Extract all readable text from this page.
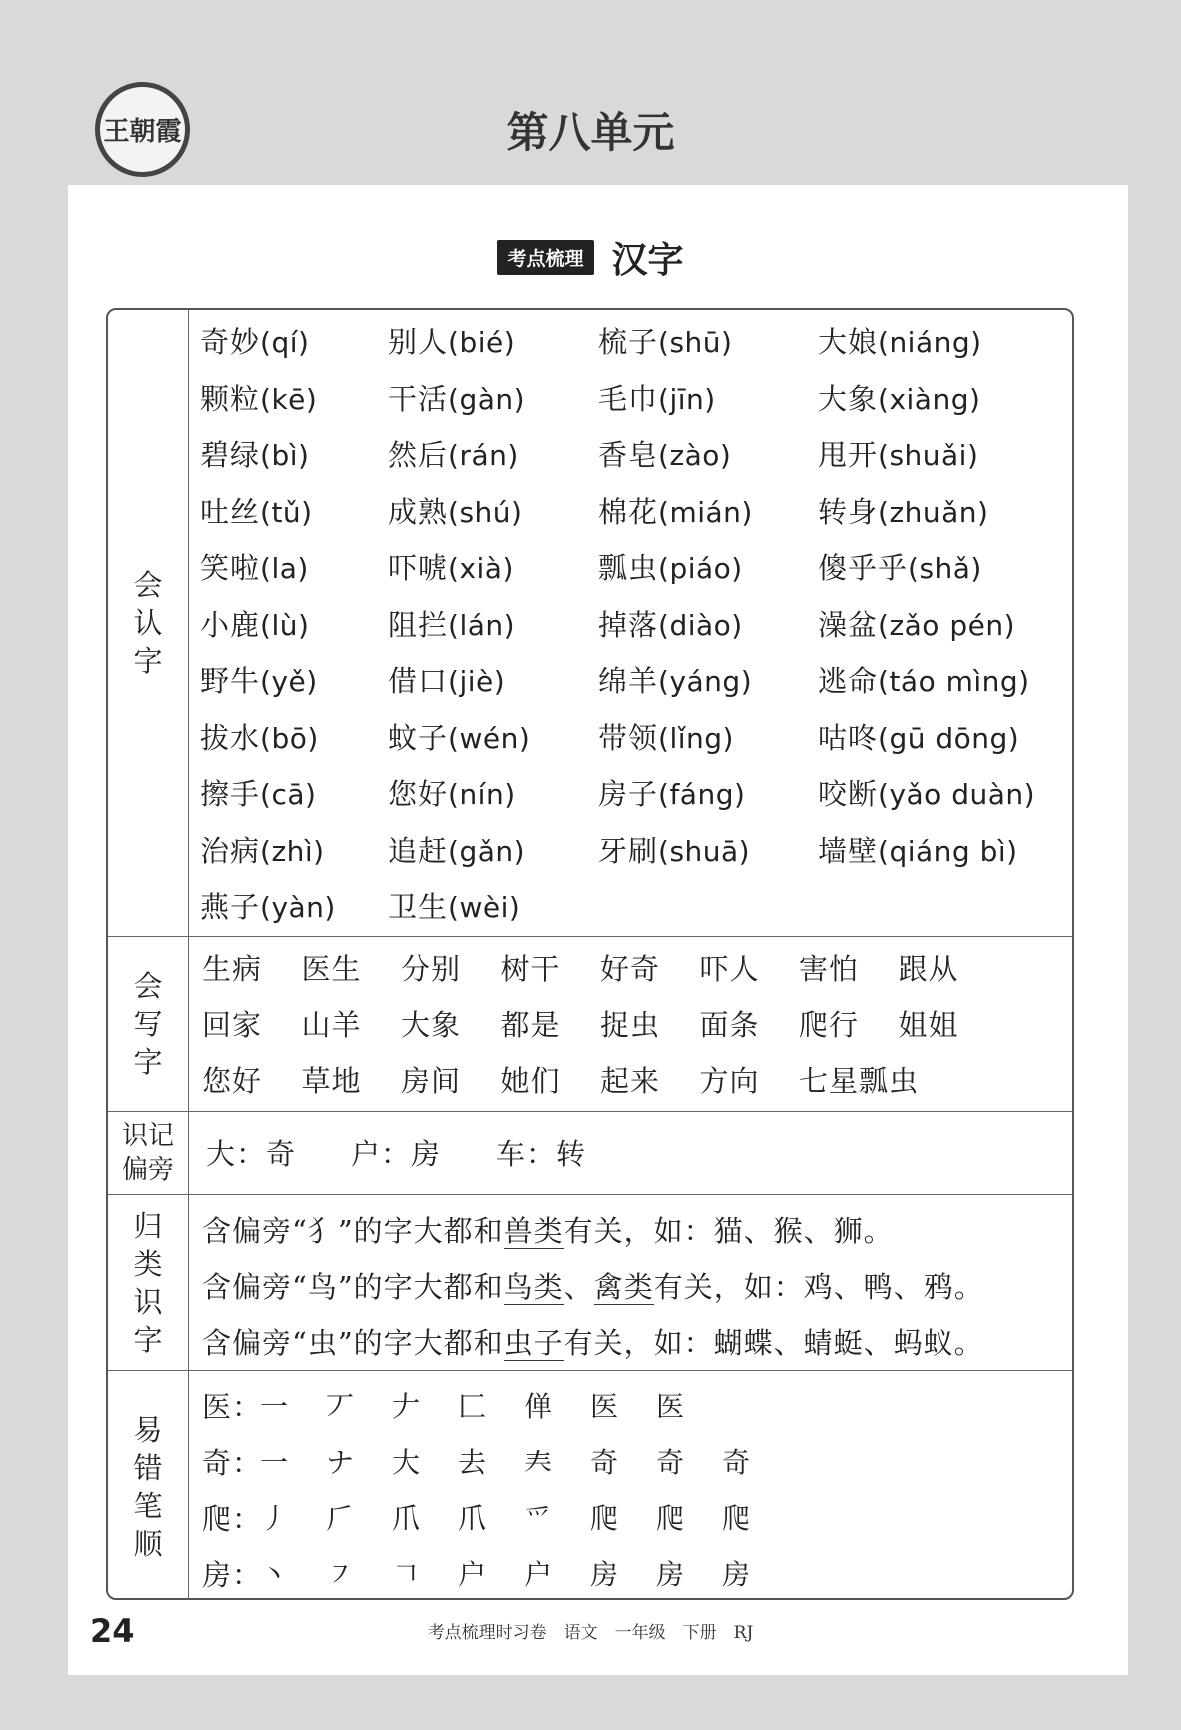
王朝霞	第八单元
考点梳理 汉字
会
认
字
奇妙(qí)	别人(bié)	梳子(shū)	大娘(niáng)
颗粒(kē) 干活(gàn)	毛巾(jīn)	大象(xiàng)
碧绿(bì)	然后(rán)	香皂(zào)	甩开(shuǎi)
吐丝(tǔ)	成熟(shú)	棉花(mián) 转身(zhuǎn)
笑啦(la)	吓唬(xià)	瓢虫(piáo)	傻乎乎(shǎ)
小鹿(lù)	阻拦(lán)	掉落(diào)	澡盆(zǎo pén)
野牛(yě) 借口(jiè)	绵羊(yáng) 逃命(táo mìng)
拔水(bō) 蚊子(wén) 带领(lǐng)	咕咚(gū dōng)
擦手(cā) 您好(nín)	房子(fáng)	咬断(yǎo duàn)
治病(zhì) 追赶(gǎn)	牙刷(shuā) 墙壁(qiáng bì)
燕子(yàn) 卫生(wèi)
会
写
字
生病 医生 分别 树干 好奇 吓人 害怕 跟从
回家 山羊 大象 都是 捉虫 面条 爬行 姐姐
您好 草地 房间 她们 起来 方向 七星瓢虫
识记
偏旁 大：奇 户：房 车：转
归
类
识
字
含偏旁“犭”的字大都和兽类有关，如：猫、猴、狮。
含偏旁“鸟”的字大都和鸟类、禽类有关，如：鸡、鸭、鸦。
含偏旁“虫”的字大都和虫子有关，如：蝴蝶、蜻蜓、蚂蚁。
易
错
笔
顺
医：
一 丆 𠂇 匚 𫢸 医 医
奇：
一 ナ 大 去 𡗗 奇 奇 奇
爬：
丿 𠂆 爪 爪 爫 爬 爬 爬
房：
丶 ㇇ 𠃍 户 户 房 房 房
24	考点梳理时习卷　语文　一年级　下册　RJ
